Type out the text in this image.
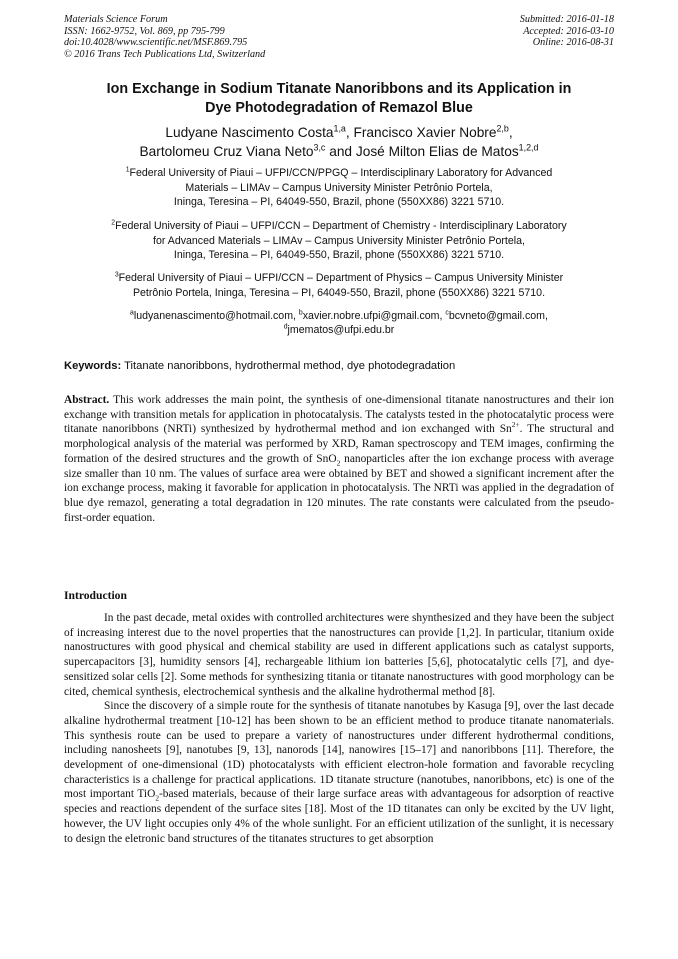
Materials Science Forum
ISSN: 1662-9752, Vol. 869, pp 795-799
doi:10.4028/www.scientific.net/MSF.869.795
© 2016 Trans Tech Publications Ltd, Switzerland
Submitted: 2016-01-18
Accepted: 2016-03-10
Online: 2016-08-31
Ion Exchange in Sodium Titanate Nanoribbons and its Application in
Dye Photodegradation of Remazol Blue
Ludyane Nascimento Costa$^{1,a}$, Francisco Xavier Nobre$^{2,b}$,
Bartolomeu Cruz Viana Neto$^{3,c}$ and José Milton Elias de Matos$^{1,2,d}$
$^1$Federal University of Piaui – UFPI/CCN/PPGQ – Interdisciplinary Laboratory for Advanced
Materials – LIMAv – Campus University Minister Petrônio Portela,
Ininga, Teresina – PI, 64049-550, Brazil, phone (550XX86) 3221 5710.
$^2$Federal University of Piaui – UFPI/CCN – Department of Chemistry - Interdisciplinary Laboratory
for Advanced Materials – LIMAv – Campus University Minister Petrônio Portela,
Ininga, Teresina – PI, 64049-550, Brazil, phone (550XX86) 3221 5710.
$^3$Federal University of Piaui – UFPI/CCN – Department of Physics – Campus University Minister
Petrônio Portela, Ininga, Teresina – PI, 64049-550, Brazil, phone (550XX86) 3221 5710.
$^a$ludyanenascimento@hotmail.com, $^b$xavier.nobre.ufpi@gmail.com, $^c$bcvneto@gmail.com,
$^d$jmematos@ufpi.edu.br
Keywords: Titanate nanoribbons, hydrothermal method, dye photodegradation
Abstract. This work addresses the main point, the synthesis of one-dimensional titanate nanostructures and their ion exchange with transition metals for application in photocatalysis. The catalysts tested in the photocatalytic process were titanate nanoribbons (NRTi) synthesized by hydrothermal method and ion exchanged with $Sn^{2+}$. The structural and morphological analysis of the material was performed by XRD, Raman spectroscopy and TEM images, confirming the formation of the desired structures and the growth of SnO$_2$ nanoparticles after the ion exchange process with average size smaller than 10 nm. The values of surface area were obtained by BET and showed a significant increment after the ion exchange process, making it favorable for application in photocatalysis. The NRTi was applied in the degradation of blue dye remazol, generating a total degradation in 120 minutes. The rate constants were calculated from the pseudo-first-order equation.
Introduction

In the past decade, metal oxides with controlled architectures were shynthesized and they have been the subject of increasing interest due to the novel properties that the nanostructures can provide [1,2]. In particular, titanium oxide nanostructures with good physical and chemical stability are used in different applications such as catalyst supports, supercapacitors [3], humidity sensors [4], rechargeable lithium ion batteries [5,6], photocatalytic cells [7], and dye-sensitized solar cells [2]. Some methods for synthesizing titania or titanate nanostructures with good morphology can be cited, chemical synthesis, electrochemical synthesis and the alkaline hydrothermal method [8].

Since the discovery of a simple route for the synthesis of titanate nanotubes by Kasuga [9], over the last decade alkaline hydrothermal treatment [10-12] has been shown to be an efficient method to produce titanate nanomaterials. This synthesis route can be used to prepare a variety of nanostructures under different hydrothermal conditions, including nanosheets [9], nanotubes [9, 13], nanorods [14], nanowires [15–17] and nanoribbons [11]. Therefore, the development of one-dimensional (1D) photocatalysts with efficient electron-hole formation and favorable recycling characteristics is a challenge for practical applications. 1D titanate structure (nanotubes, nanoribbons, etc) is one of the most important TiO$_2$-based materials, because of their large surface areas with advantageous for adsorption of reactive species and reactions dependent of the surface sites [18]. Most of the 1D titanates can only be excited by the UV light, however, the UV light occupies only 4% of the whole sunlight. For an efficient utilization of the sunlight, it is necessary to design the eletronic band structures of the titanates structures to get absorption
